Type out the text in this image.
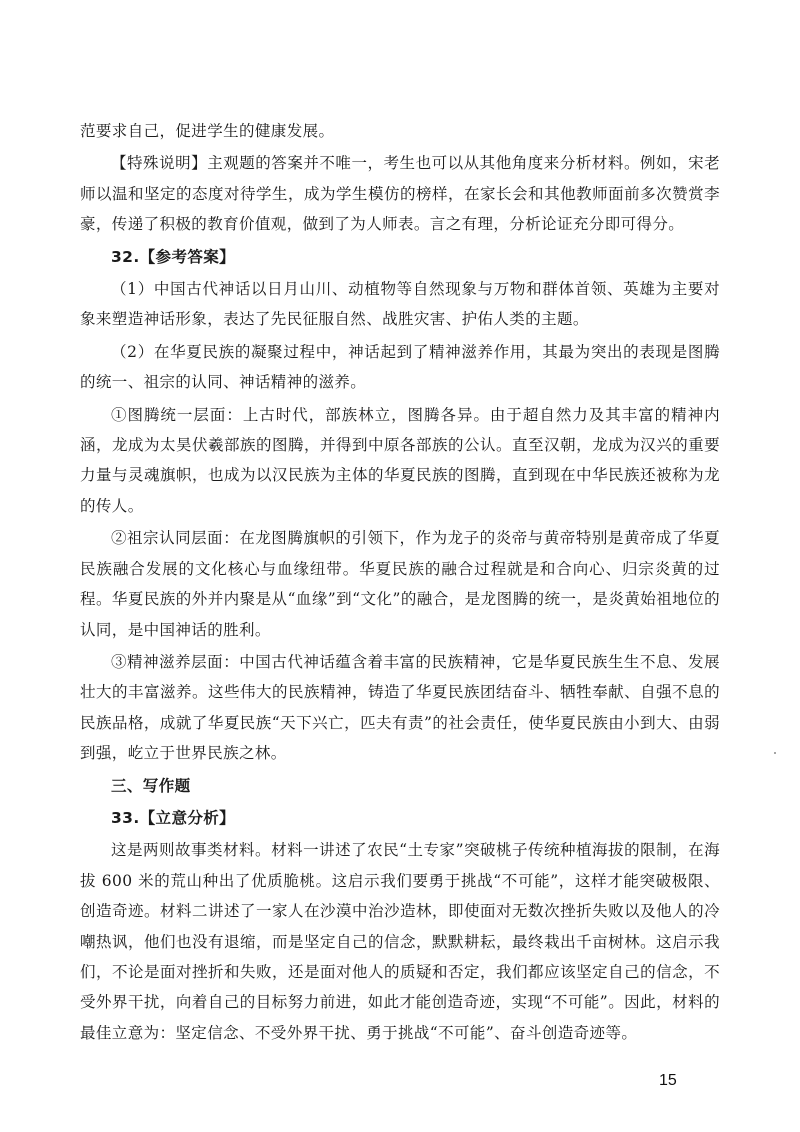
范要求自己，促进学生的健康发展。

【特殊说明】主观题的答案并不唯一，考生也可以从其他角度来分析材料。例如，宋老师以温和坚定的态度对待学生，成为学生模仿的榜样，在家长会和其他教师面前多次赞赏李豪，传递了积极的教育价值观，做到了为人师表。言之有理，分析论证充分即可得分。

32.【参考答案】

（1）中国古代神话以日月山川、动植物等自然现象与万物和群体首领、英雄为主要对象来塑造神话形象，表达了先民征服自然、战胜灾害、护佑人类的主题。

（2）在华夏民族的凝聚过程中，神话起到了精神滋养作用，其最为突出的表现是图腾的统一、祖宗的认同、神话精神的滋养。

①图腾统一层面：上古时代，部族林立，图腾各异。由于超自然力及其丰富的精神内涵，龙成为太昊伏羲部族的图腾，并得到中原各部族的公认。直至汉朝，龙成为汉兴的重要力量与灵魂旗帜，也成为以汉民族为主体的华夏民族的图腾，直到现在中华民族还被称为龙的传人。

②祖宗认同层面：在龙图腾旗帜的引领下，作为龙子的炎帝与黄帝特别是黄帝成了华夏民族融合发展的文化核心与血缘纽带。华夏民族的融合过程就是和合向心、归宗炎黄的过程。华夏民族的外并内聚是从“血缘”到“文化”的融合，是龙图腾的统一，是炎黄始祖地位的认同，是中国神话的胜利。

③精神滋养层面：中国古代神话蕴含着丰富的民族精神，它是华夏民族生生不息、发展壮大的丰富滋养。这些伟大的民族精神，铸造了华夏民族团结奋斗、牺牲奉献、自强不息的民族品格，成就了华夏民族“天下兴亡，匹夫有责”的社会责任，使华夏民族由小到大、由弱到强，屹立于世界民族之林。

三、写作题

33.【立意分析】

这是两则故事类材料。材料一讲述了农民“土专家”突破桃子传统种植海拔的限制，在海拔 600 米的荒山种出了优质脆桃。这启示我们要勇于挑战“不可能”，这样才能突破极限、创造奇迹。材料二讲述了一家人在沙漠中治沙造林，即使面对无数次挫折失败以及他人的冷嘲热讽，他们也没有退缩，而是坚定自己的信念，默默耕耘，最终栽出千亩树林。这启示我们，不论是面对挫折和失败，还是面对他人的质疑和否定，我们都应该坚定自己的信念，不受外界干扰，向着自己的目标努力前进，如此才能创造奇迹，实现“不可能”。因此，材料的最佳立意为：坚定信念、不受外界干扰、勇于挑战“不可能”、奋斗创造奇迹等。

15
